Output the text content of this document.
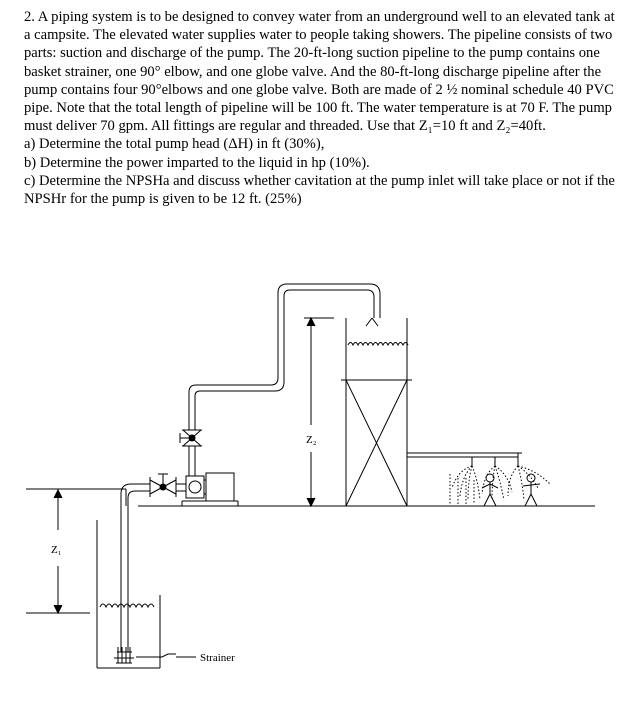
2. A piping system is to be designed to convey water from an underground well to an elevated tank at a campsite. The elevated water supplies water to people taking showers. The pipeline consists of two parts: suction and discharge of the pump. The 20-ft-long suction pipeline to the pump contains one basket strainer, one 90° elbow, and one globe valve. And the 80-ft-long discharge pipeline after the pump contains four 90°elbows and one globe valve. Both are made of 2 ½ nominal schedule 40 PVC pipe. Note that the total length of pipeline will be 100 ft. The water temperature is at 70 F. The pump must deliver 70 gpm. All fittings are regular and threaded. Use that Z₁=10 ft and Z₂=40ft.

a) Determine the total pump head (ΔH) in ft (30%),

b) Determine the power imparted to the liquid in hp (10%).

c) Determine the NPSHa and discuss whether cavitation at the pump inlet will take place or not if the NPSHr for the pump is given to be 12 ft. (25%)

Z₁
Strainer
Z₂
